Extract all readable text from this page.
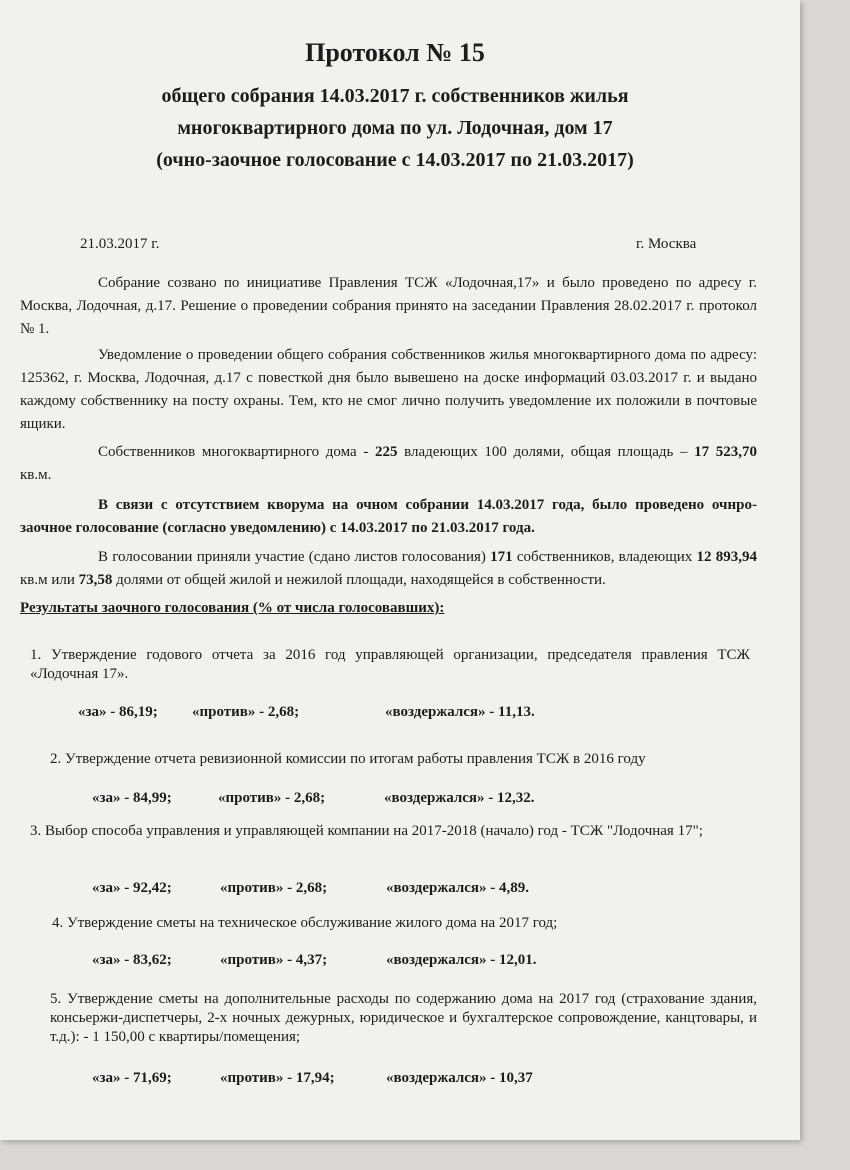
Протокол № 15
общего собрания 14.03.2017 г. собственников жилья
многоквартирного дома по ул. Лодочная, дом 17
(очно-заочное голосование с 14.03.2017 по 21.03.2017)
21.03.2017 г.	г. Москва
Собрание созвано по инициативе Правления ТСЖ «Лодочная,17» и было проведено по адресу г. Москва, Лодочная, д.17. Решение о проведении собрания принято на заседании Правления 28.02.2017 г. протокол № 1.
Уведомление о проведении общего собрания собственников жилья многоквартирного дома по адресу: 125362, г. Москва, Лодочная, д.17 с повесткой дня было вывешено на доске информаций 03.03.2017 г. и выдано каждому собственнику на посту охраны. Тем, кто не смог лично получить уведомление их положили в почтовые ящики.
Собственников многоквартирного дома - 225 владеющих 100 долями, общая площадь – 17 523,70 кв.м.
В связи с отсутствием кворума на очном собрании 14.03.2017 года, было проведено очнро-заочное голосование (согласно уведомлению) с 14.03.2017 по 21.03.2017 года.
В голосовании приняли участие (сдано листов голосования) 171 собственников, владеющих 12 893,94 кв.м или 73,58 долями от общей жилой и нежилой площади, находящейся в собственности.
Результаты заочного голосования (% от числа голосовавших):
1. Утверждение годового отчета за 2016 год управляющей организации, председателя правления ТСЖ «Лодочная 17».
«за» - 86,19; «против» - 2,68;	«воздержался» - 11,13.
2. Утверждение отчета ревизионной комиссии по итогам работы правления ТСЖ в 2016 году
«за» - 84,99;	«против» - 2,68;	«воздержался» - 12,32.
3. Выбор способа управления и управляющей компании на 2017-2018 (начало) год - ТСЖ "Лодочная 17";
«за» - 92,42;	«против» - 2,68;	«воздержался» - 4,89.
4. Утверждение сметы на техническое обслуживание жилого дома на 2017 год;
«за» - 83,62;	«против» - 4,37;	«воздержался» - 12,01.
5. Утверждение сметы на дополнительные расходы по содержанию дома на 2017 год (страхование здания, консьержи-диспетчеры, 2-х ночных дежурных, юридическое и бухгалтерское сопровождение, канцтовары, и т.д.): - 1 150,00 с квартиры/помещения;
«за» - 71,69;	«против» - 17,94;	«воздержался» - 10,37
